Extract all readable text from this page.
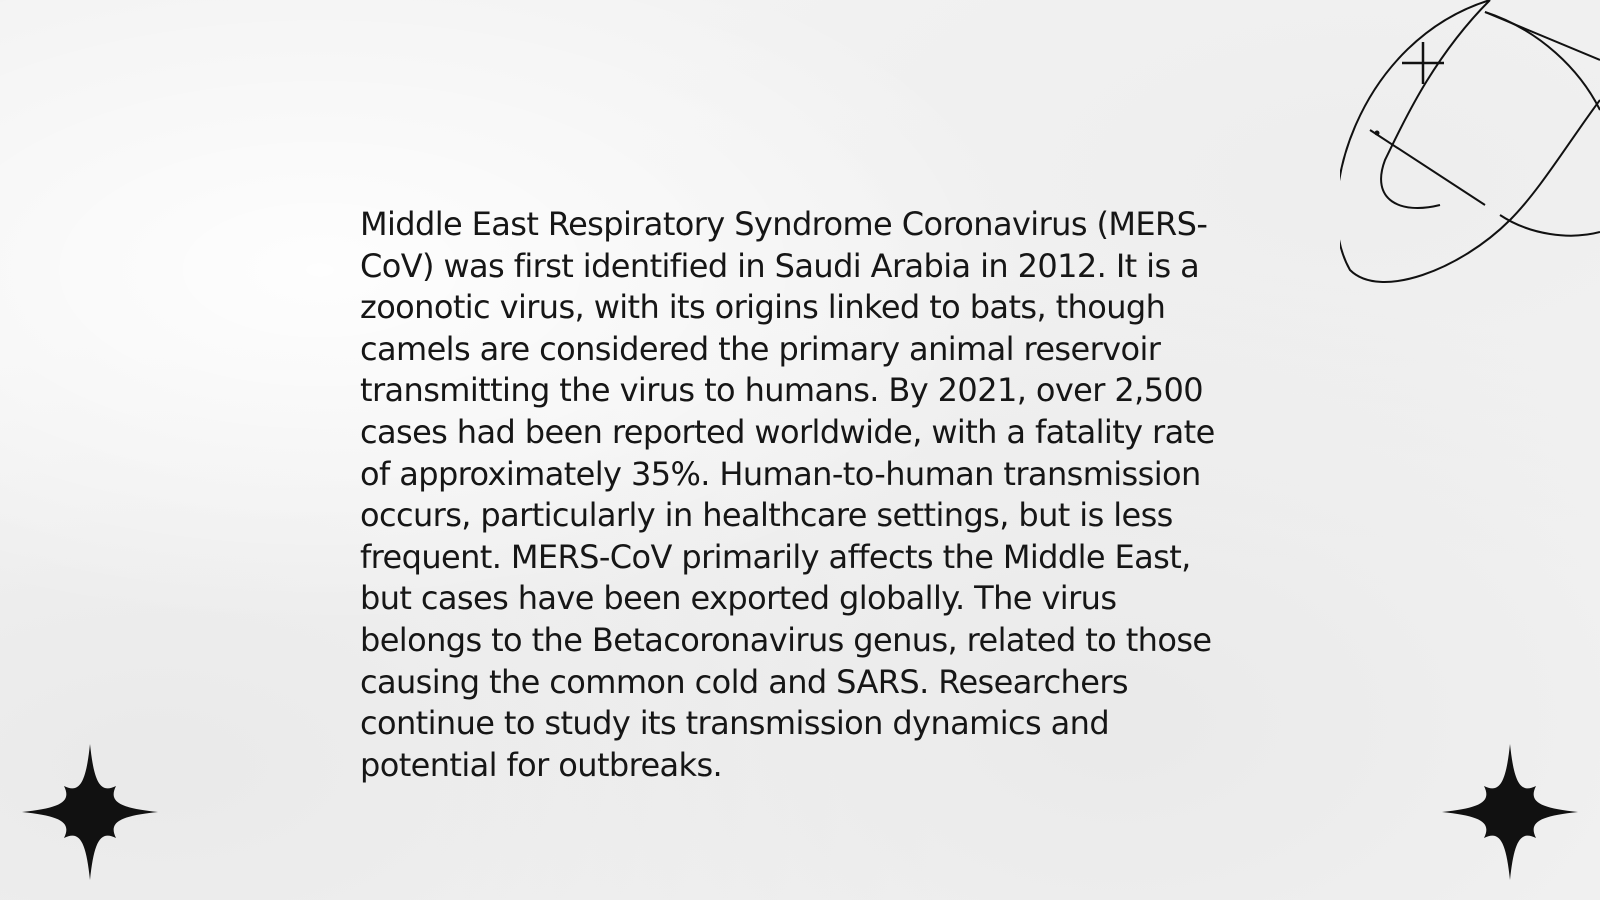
Middle East Respiratory Syndrome Coronavirus (MERS-CoV) was first identified in Saudi Arabia in 2012. It is a zoonotic virus, with its origins linked to bats, though camels are considered the primary animal reservoir transmitting the virus to humans. By 2021, over 2,500 cases had been reported worldwide, with a fatality rate of approximately 35%. Human-to-human transmission occurs, particularly in healthcare settings, but is less frequent. MERS-CoV primarily affects the Middle East, but cases have been exported globally. The virus belongs to the Betacoronavirus genus, related to those causing the common cold and SARS. Researchers continue to study its transmission dynamics and potential for outbreaks.
